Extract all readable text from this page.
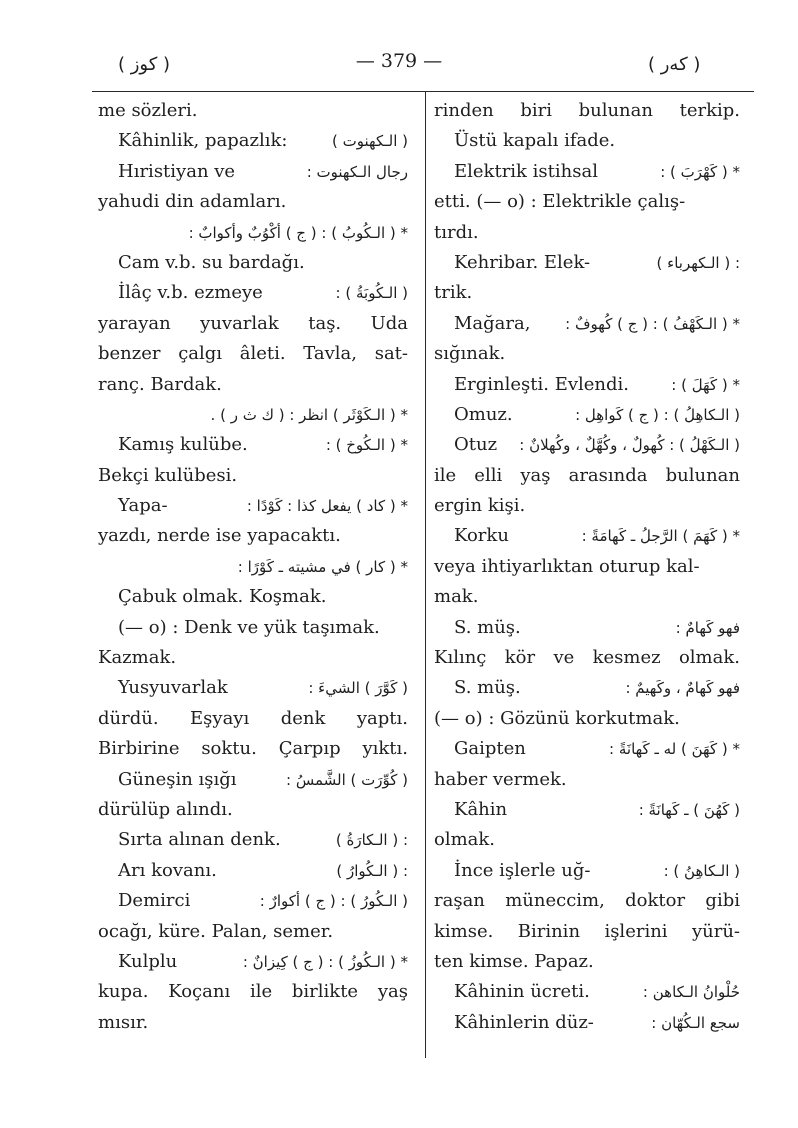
( كوز )	— 379 —	( كەر )
me sözleri.
Kâhinlik, papazlık:	( الـكهنوت )
Hıristiyan ve	رجال الـكهنوت :
yahudi din adamları.
* ( الـكُوبُ ) : ( ج ) أكْوُبٌ وأكوابٌ :
Cam v.b. su bardağı.
İlâç v.b. ezmeye	( الـكُوبَةُ ) :
yarayan yuvarlak taş. Uda
benzer çalgı âleti. Tavla, sat-
ranç. Bardak.
* ( الـكَوْثَر ) انظر : ( ك ث ر ) .
Kamış kulübe.	* ( الـكُوخ ) :
Bekçi kulübesi.
Yapa-	* ( كاد ) يفعل كذا : كَوْدًا :
yazdı, nerde ise yapacaktı.
* ( كار ) في مشيته ـ كَوْرًا :
Çabuk olmak. Koşmak.
(— o) : Denk ve yük taşımak.
Kazmak.
Yusyuvarlak	( كَوَّرَ ) الشيءَ :
dürdü. Eşyayı denk yaptı.
Birbirine soktu. Çarpıp yıktı.
Güneşin ışığı	( كُوِّرَت ) الشَّمسُ :
dürülüp alındı.
Sırta alınan denk.	: ( الـكارَةُ )
Arı kovanı.	: ( الـكُوارُ )
Demirci	( الـكُورُ ) : ( ج ) أكوارٌ :
ocağı, küre. Palan, semer.
Kulplu	* ( الـكُوزُ ) : ( ج ) كِيزانٌ :
kupa. Koçanı ile birlikte yaş
mısır.
rinden biri bulunan terkip.
Üstü kapalı ifade.
Elektrik istihsal	* ( كَهْرَبَ ) :
etti. (— o) : Elektrikle çalış-
tırdı.
Kehribar. Elek-	: ( الـكهرباء )
trik.
Mağara, * ( الـكَهْفُ ) : ( ج ) كُهوفٌ :
sığınak.
Erginleşti. Evlendi.	* ( كَهَلَ ) :
Omuz.	( الـكاهِلُ ) : ( ج ) كَواهِل :
Otuz ( الـكَهْلُ ) : كُهولٌ ، وكُهَّلٌ ، وكُهلانٌ :
ile elli yaş arasında bulunan
ergin kişi.
Korku	* ( كَهَمَ ) الرَّجلُ ـ كَهامَةً :
veya ihtiyarlıktan oturup kal-
mak.
S. müş.	فهو كَهامٌ :
Kılınç kör ve kesmez olmak.
S. müş.	فهو كَهامٌ ، وكَهيمٌ :
(— o) : Gözünü korkutmak.
Gaipten	* ( كَهَنَ ) له ـ كَهانَةً :
haber vermek.
Kâhin	( كَهُنَ ) ـ كَهانَةً :
olmak.
İnce işlerle uğ-	( الـكاهِنُ ) :
raşan müneccim, doktor gibi
kimse. Birinin işlerini yürü-
ten kimse. Papaz.
Kâhinin ücreti.	حُلْوانُ الـكاهن :
Kâhinlerin düz-	سجع الـكُهّان :
